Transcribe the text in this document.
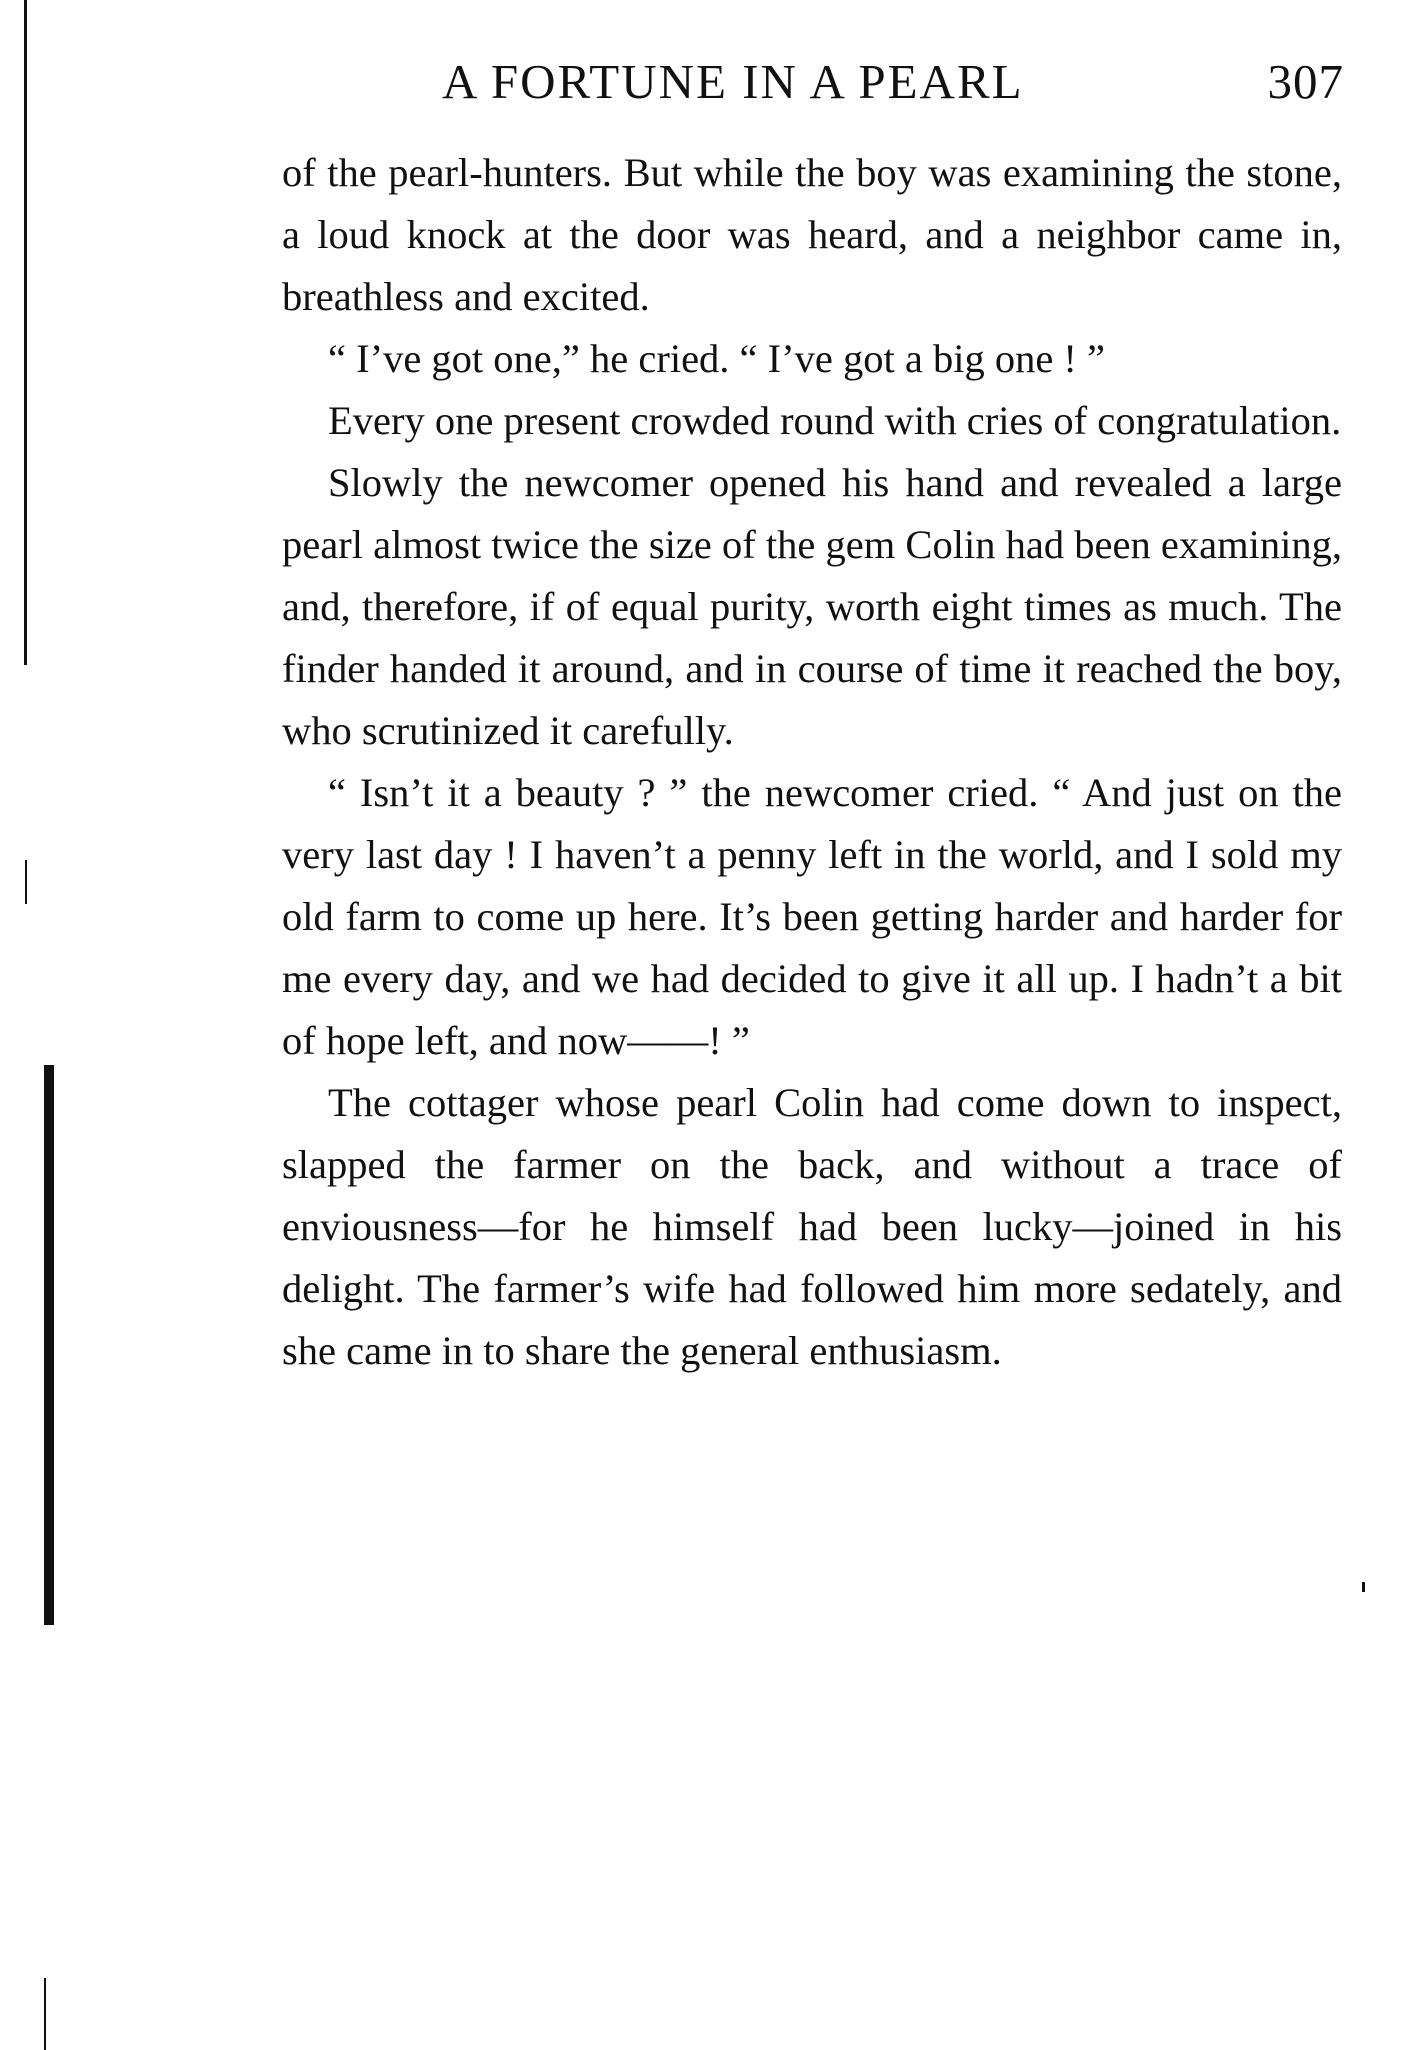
A FORTUNE IN A PEARL	307

of the pearl-hunters. But while the boy was examining the stone, a loud knock at the door was heard, and a neighbor came in, breathless and excited.

“ I’ve got one,” he cried. “ I’ve got a big one ! ”

Every one present crowded round with cries of congratulation.

Slowly the newcomer opened his hand and revealed a large pearl almost twice the size of the gem Colin had been examining, and, therefore, if of equal purity, worth eight times as much. The finder handed it around, and in course of time it reached the boy, who scrutinized it carefully.

“ Isn’t it a beauty ? ” the newcomer cried. “ And just on the very last day ! I haven’t a penny left in the world, and I sold my old farm to come up here. It’s been getting harder and harder for me every day, and we had decided to give it all up. I hadn’t a bit of hope left, and now——! ”

The cottager whose pearl Colin had come down to inspect, slapped the farmer on the back, and without a trace of enviousness—for he himself had been lucky—joined in his delight. The farmer’s wife had followed him more sedately, and she came in to share the general enthusiasm.
